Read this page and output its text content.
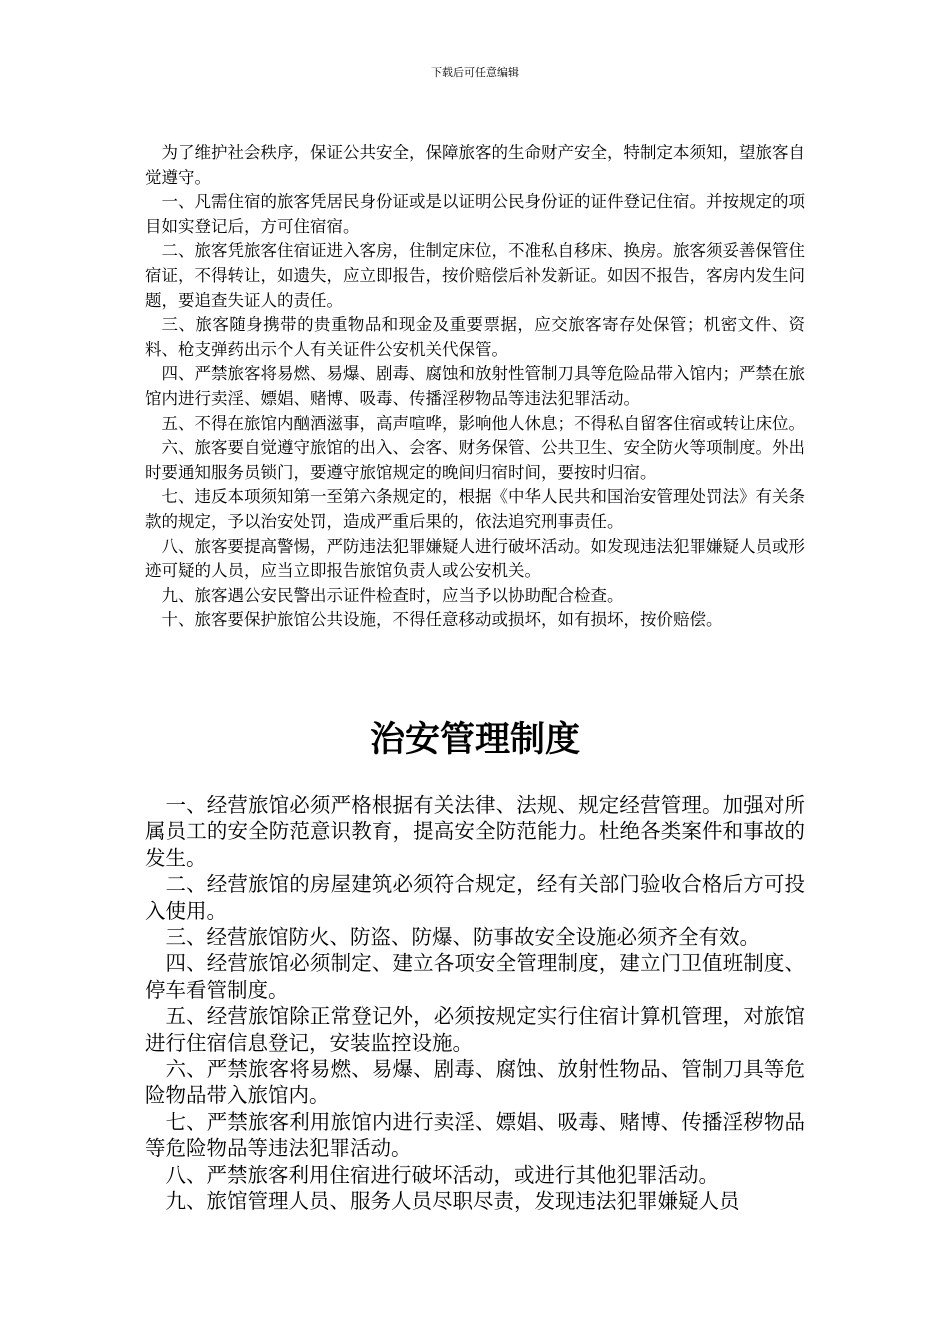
下载后可任意编辑

为了维护社会秩序，保证公共安全，保障旅客的生命财产安全，特制定本须知，望旅客自觉遵守。

一、凡需住宿的旅客凭居民身份证或是以证明公民身份证的证件登记住宿。并按规定的项目如实登记后，方可住宿宿。

二、旅客凭旅客住宿证进入客房，住制定床位，不准私自移床、换房。旅客须妥善保管住宿证，不得转让，如遗失，应立即报告，按价赔偿后补发新证。如因不报告，客房内发生问题，要追查失证人的责任。

三、旅客随身携带的贵重物品和现金及重要票据，应交旅客寄存处保管；机密文件、资料、枪支弹药出示个人有关证件公安机关代保管。

四、严禁旅客将易燃、易爆、剧毒、腐蚀和放射性管制刀具等危险品带入馆内；严禁在旅馆内进行卖淫、嫖娼、赌博、吸毒、传播淫秽物品等违法犯罪活动。

五、不得在旅馆内酗酒滋事，高声喧哗，影响他人休息；不得私自留客住宿或转让床位。

六、旅客要自觉遵守旅馆的出入、会客、财务保管、公共卫生、安全防火等项制度。外出时要通知服务员锁门，要遵守旅馆规定的晚间归宿时间，要按时归宿。

七、违反本项须知第一至第六条规定的，根据《中华人民共和国治安管理处罚法》有关条款的规定，予以治安处罚，造成严重后果的，依法追究刑事责任。

八、旅客要提高警惕，严防违法犯罪嫌疑人进行破坏活动。如发现违法犯罪嫌疑人员或形迹可疑的人员，应当立即报告旅馆负责人或公安机关。

九、旅客遇公安民警出示证件检查时，应当予以协助配合检查。

十、旅客要保护旅馆公共设施，不得任意移动或损坏，如有损坏，按价赔偿。

治安管理制度

一、经营旅馆必须严格根据有关法律、法规、规定经营管理。加强对所属员工的安全防范意识教育，提高安全防范能力。杜绝各类案件和事故的发生。

二、经营旅馆的房屋建筑必须符合规定，经有关部门验收合格后方可投入使用。

三、经营旅馆防火、防盗、防爆、防事故安全设施必须齐全有效。

四、经营旅馆必须制定、建立各项安全管理制度，建立门卫值班制度、停车看管制度。

五、经营旅馆除正常登记外，必须按规定实行住宿计算机管理，对旅馆进行住宿信息登记，安装监控设施。

六、严禁旅客将易燃、易爆、剧毒、腐蚀、放射性物品、管制刀具等危险物品带入旅馆内。

七、严禁旅客利用旅馆内进行卖淫、嫖娼、吸毒、赌博、传播淫秽物品等危险物品等违法犯罪活动。

八、严禁旅客利用住宿进行破坏活动，或进行其他犯罪活动。

九、旅馆管理人员、服务人员尽职尽责，发现违法犯罪嫌疑人员
